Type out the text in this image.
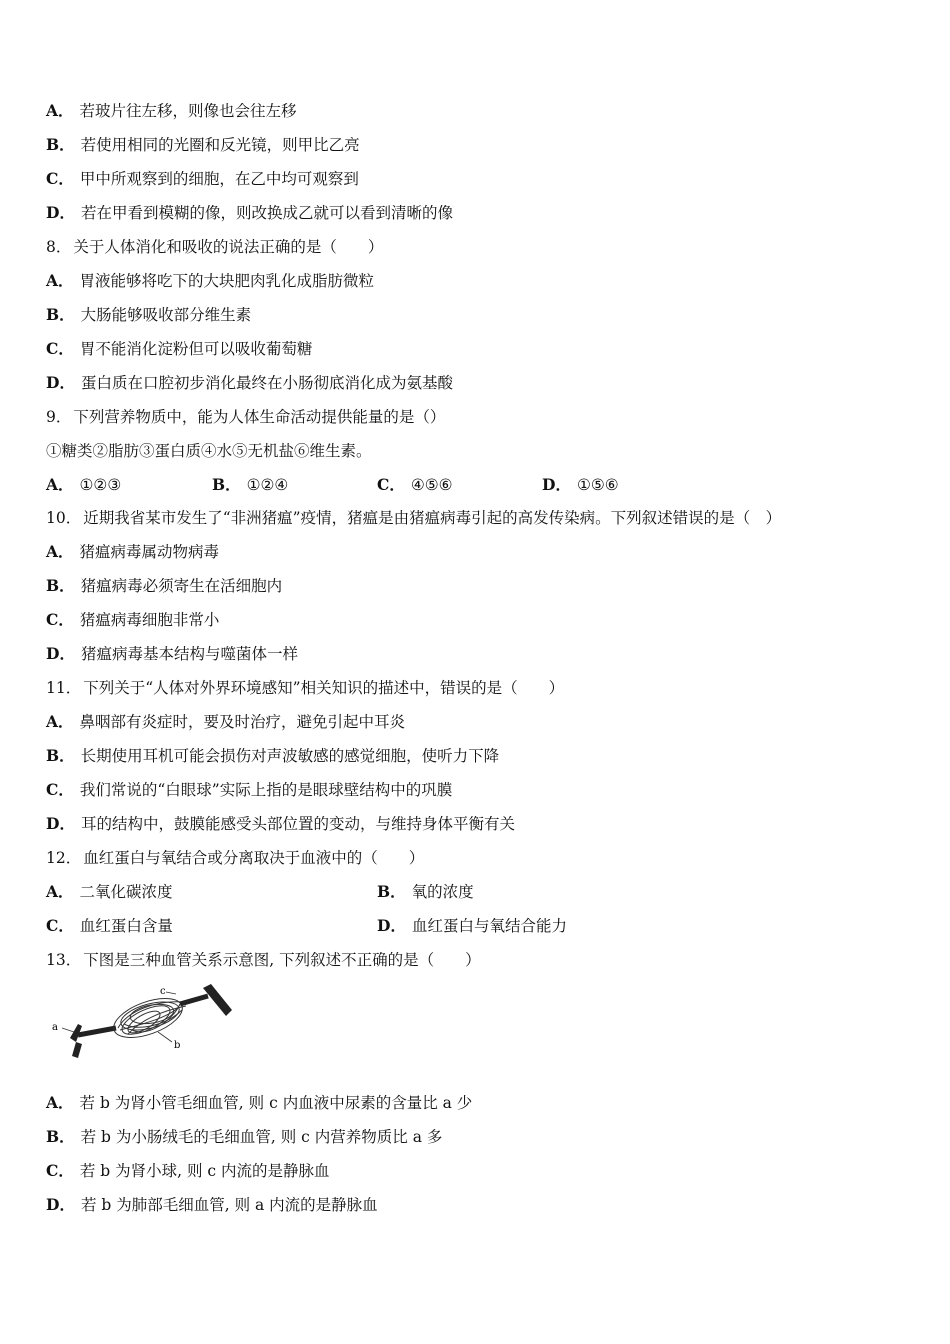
A． 若玻片往左移，则像也会往左移
B． 若使用相同的光圈和反光镜，则甲比乙亮
C． 甲中所观察到的细胞，在乙中均可观察到
D． 若在甲看到模糊的像，则改换成乙就可以看到清晰的像
8． 关于人体消化和吸收的说法正确的是（　　）
A． 胃液能够将吃下的大块肥肉乳化成脂肪微粒
B． 大肠能够吸收部分维生素
C． 胃不能消化淀粉但可以吸收葡萄糖
D． 蛋白质在口腔初步消化最终在小肠彻底消化成为氨基酸
9． 下列营养物质中，能为人体生命活动提供能量的是（）
①糖类②脂肪③蛋白质④水⑤无机盐⑥维生素。
A． ①②③	B． ①②④	C． ④⑤⑥	D． ①⑤⑥
10． 近期我省某市发生了“非洲猪瘟”疫情，猪瘟是由猪瘟病毒引起的高发传染病。下列叙述错误的是（　）
A． 猪瘟病毒属动物病毒
B． 猪瘟病毒必须寄生在活细胞内
C． 猪瘟病毒细胞非常小
D． 猪瘟病毒基本结构与噬菌体一样
11． 下列关于“人体对外界环境感知”相关知识的描述中，错误的是（　　）
A． 鼻咽部有炎症时，要及时治疗，避免引起中耳炎
B． 长期使用耳机可能会损伤对声波敏感的感觉细胞，使听力下降
C． 我们常说的“白眼球”实际上指的是眼球壁结构中的巩膜
D． 耳的结构中，鼓膜能感受头部位置的变动，与维持身体平衡有关
12． 血红蛋白与氧结合或分离取决于血液中的（　　）
A． 二氧化碳浓度	B． 氧的浓度
C． 血红蛋白含量	D． 血红蛋白与氧结合能力
13． 下图是三种血管关系示意图, 下列叙述不正确的是（　　）
c
a
b
A． 若 b 为肾小管毛细血管, 则 c 内血液中尿素的含量比 a 少
B． 若 b 为小肠绒毛的毛细血管, 则 c 内营养物质比 a 多
C． 若 b 为肾小球, 则 c 内流的是静脉血
D． 若 b 为肺部毛细血管, 则 a 内流的是静脉血
